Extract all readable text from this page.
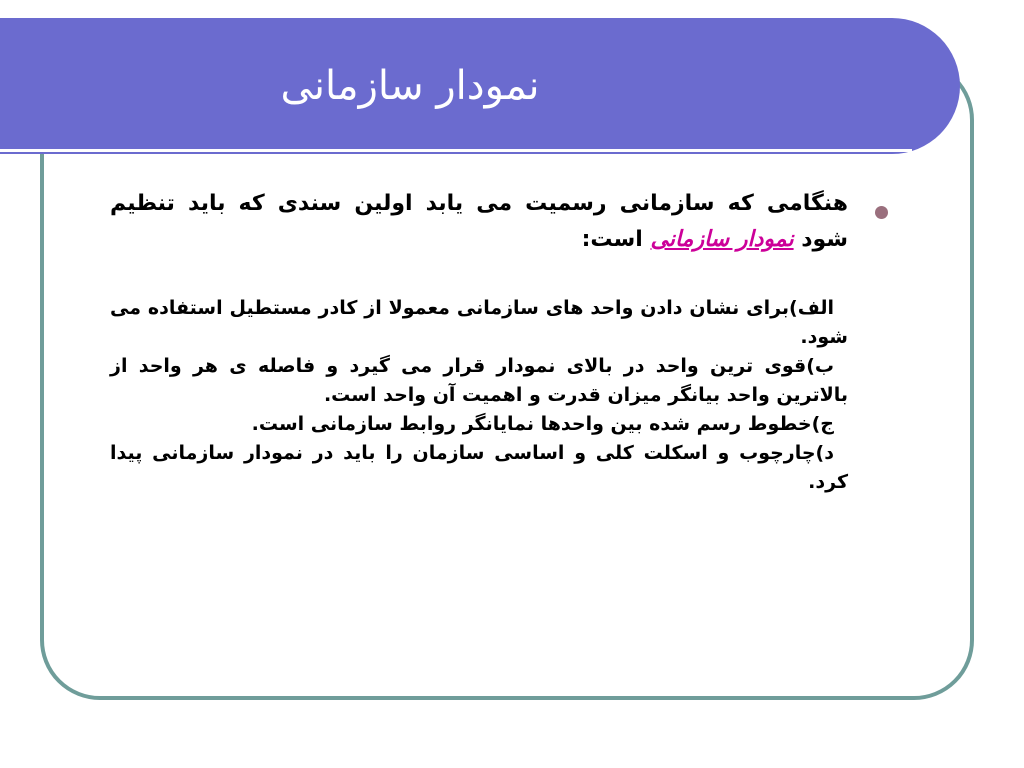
نمودار سازمانی

هنگامی که سازمانی رسمیت می یابد اولین سندی که باید تنظیم شود نمودار سازمانی است:

الف)برای نشان دادن واحد های سازمانی معمولا از کادر مستطیل استفاده می شود.

ب)قوی ترین واحد در بالای نمودار قرار می گیرد و فاصله ی هر واحد از بالاترین واحد بیانگر میزان قدرت و اهمیت آن واحد است.

ج)خطوط رسم شده بین واحدها نمایانگر روابط سازمانی است.

د)چارچوب و اسکلت کلی و اساسی سازمان را باید در نمودار سازمانی پیدا کرد.
